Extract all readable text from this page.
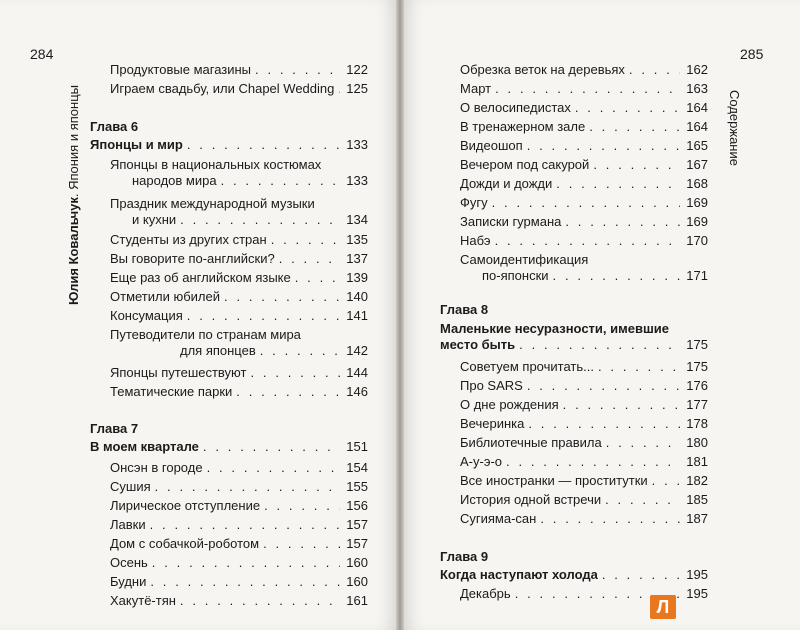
284	285
Юлия Ковальчук. Япония и японцы	Содержание
Продуктовые магазины . . .	122
Играем свадьбу, или Chapel Wedding . . . 125
Глава 6
Японцы и мир . . .	133
Японцы в национальных костюмах
народов мира . . .	133
Праздник международной музыки
и кухни . . .	134
Студенты из других стран . . .	135
Вы говорите по-английски? . . .	137
Еще раз об английском языке . . .	139
Отметили юбилей . . .	140
Консумация . . .	141
Путеводители по странам мира
для японцев . . .	142
Японцы путешествуют . . .	144
Тематические парки . . .	146
Глава 7
В моем квартале . . .	151
Онсэн в городе . . .	154
Сушия . . .	155
Лирическое отступление . . .	156
Лавки . . .	157
Дом с собачкой-роботом . . .	157
Осень . . .	160
Будни . . .	160
Хакутё-тян . . .	161
Обрезка веток на деревьях . . .	162
Март . . .	163
О велосипедистах . . .	164
В тренажерном зале . . .	164
Видеошоп . . .	165
Вечером под сакурой . . .	167
Дожди и дожди . . .	168
Фугу . . .	169
Записки гурмана . . .	169
Набэ . . .	170
Самоидентификация
по-японски . . .	171
Глава 8
Маленькие несуразности, имевшие
место быть . . .	175
Советуем прочитать... . . .	175
Про SARS . . .	176
О дне рождения . . .	177
Вечеринка . . .	178
Библиотечные правила . . .	180
А-у-э-о . . .	181
Все иностранки — проститутки . . .	182
История одной встречи . . .	185
Сугияма-сан . . .	187
Глава 9
Когда наступают холода . . .	195
Декабрь . . .	195
Л
